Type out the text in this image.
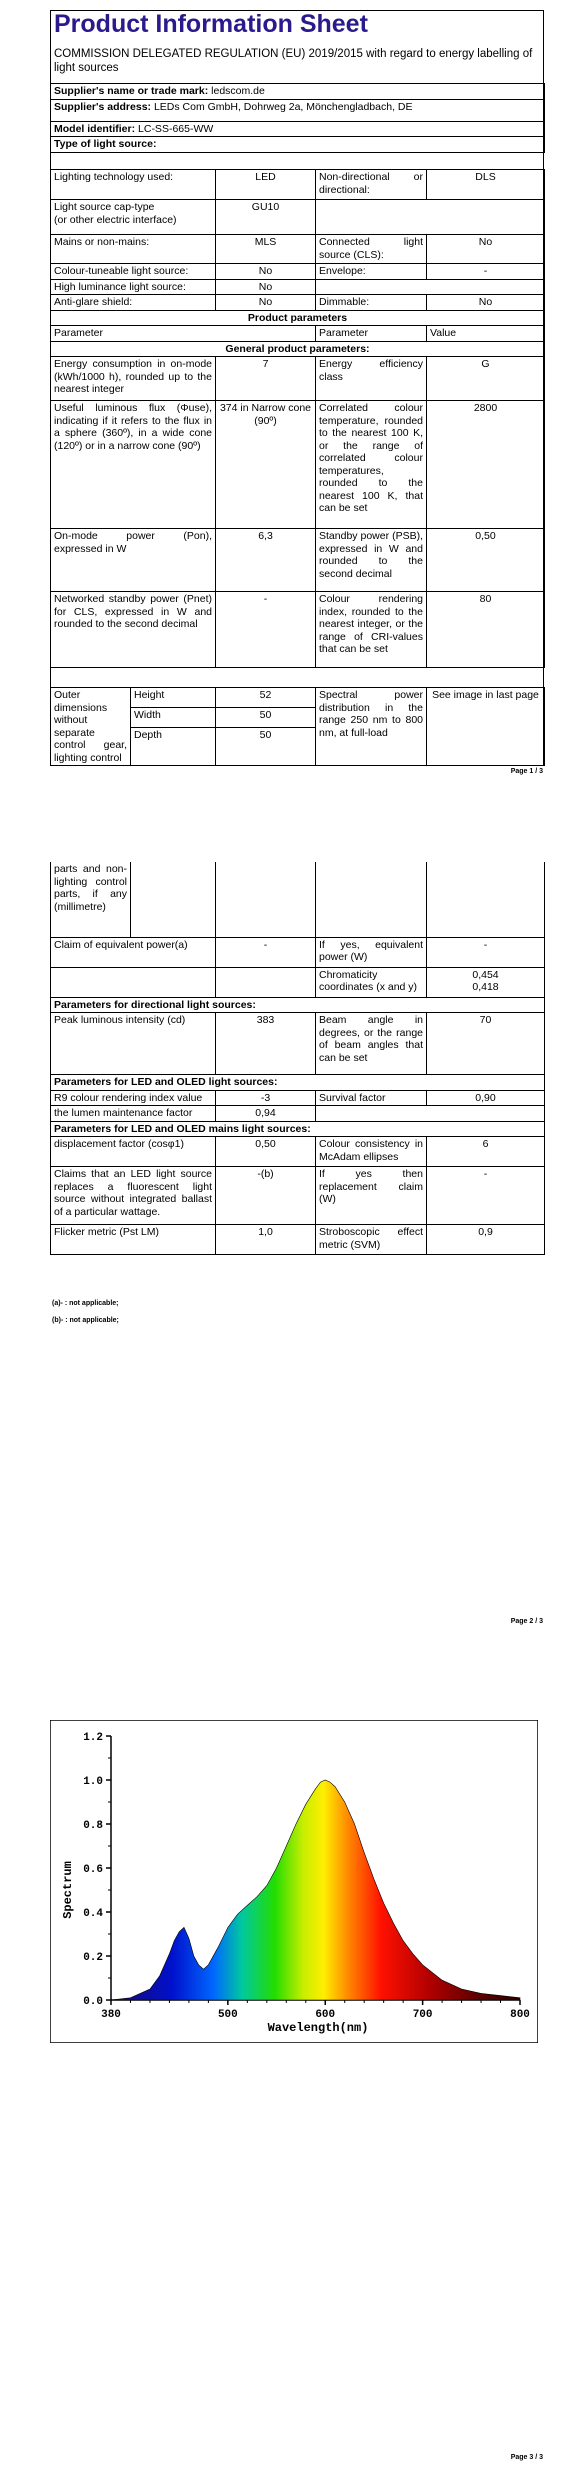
Product Information Sheet
COMMISSION DELEGATED REGULATION (EU) 2019/2015 with regard to energy labelling of light sources
Supplier's name or trade mark: ledscom.de
Supplier's address: LEDs Com GmbH, Dohrweg 2a, Mönchengladbach, DE
Model identifier: LC-SS-665-WW
Type of light source:
Lighting technology used:	LED	Non-directional or directional:	DLS
Light source cap-type
(or other electric interface)	GU10		
Mains or non-mains:	MLS	Connected light source (CLS):	No
Colour-tuneable light source:	No	Envelope:	-
High luminance light source:	No		
Anti-glare shield:	No	Dimmable:	No
Product parameters			
Parameter		Parameter	Value
General product parameters:			
Energy consumption in on-mode (kWh/1000 h), rounded up to the nearest integer	7	Energy efficiency class	G
Useful luminous flux (Φuse), indicating if it refers to the flux in a sphere (360º), in a wide cone (120º) or in a narrow cone (90º)	374 in Narrow cone (90º)	Correlated colour temperature, rounded to the nearest 100 K, or the range of correlated colour temperatures, rounded to the nearest 100 K, that can be set	2800
On-mode power (Pon), expressed in W	6,3	Standby power (PSB), expressed in W and rounded to the second decimal	0,50
Networked standby power (Pnet) for CLS, expressed in W and rounded to the second decimal	-	Colour rendering index, rounded to the nearest integer, or the range of CRI-values that can be set	80
Outer dimensions without separate control gear, lighting control	Height	52	Spectral power distribution in the range 250 nm to 800 nm, at full-load	See image in last page
	Width	50		
	Depth	50		
Page 1 / 3
parts and non-lighting control parts, if any (millimetre)				
Claim of equivalent power(a)		-	If yes, equivalent power (W)	-
			Chromaticity coordinates (x and y)	0,454
0,418

Parameters for directional light sources:				
Peak luminous intensity (cd)		383	Beam angle in degrees, or the range of beam angles that can be set	70
Parameters for LED and OLED light sources:				
R9 colour rendering index value		-3	Survival factor	0,90
the lumen maintenance factor		0,94		
Parameters for LED and OLED mains light sources:				
displacement factor (cosφ1)		0,50	Colour consistency in McAdam ellipses	6
Claims that an LED light source replaces a fluorescent light source without integrated ballast of a particular wattage.		-(b)	If yes then replacement claim (W)	-
Flicker metric (Pst LM)		1,0	Stroboscopic effect metric (SVM)	0,9
(a)- : not applicable;
(b)- : not applicable;
Page 2 / 3
0.0
0.2
0.4
0.6
0.8
1.0
1.2
380	500	600	700	800
Wavelength(nm)
Spectrum
Page 3 / 3
